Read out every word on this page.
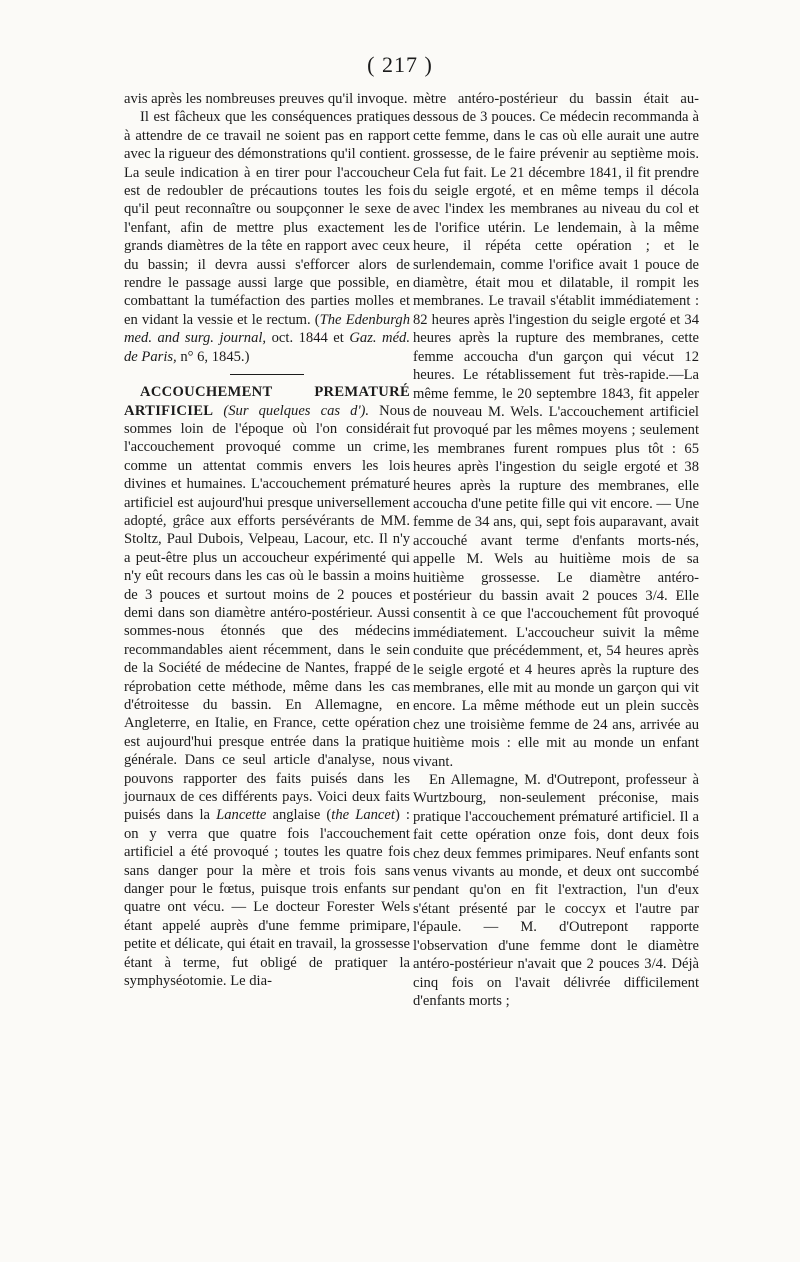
( 217 )

avis après les nombreuses preuves qu'il invoque.

Il est fâcheux que les conséquences pratiques à attendre de ce travail ne soient pas en rapport avec la rigueur des démonstrations qu'il contient. La seule indication à en tirer pour l'accoucheur est de redoubler de précautions toutes les fois qu'il peut reconnaître ou soupçonner le sexe de l'enfant, afin de mettre plus exactement les grands diamètres de la tête en rapport avec ceux du bassin; il devra aussi s'efforcer alors de rendre le passage aussi large que possible, en combattant la tuméfaction des parties molles et en vidant la vessie et le rectum. (The Edenburgh med. and surg. journal, oct. 1844 et Gaz. méd. de Paris, n° 6, 1845.)

ACCOUCHEMENT PREMATURÉ ARTIFICIEL (Sur quelques cas d'). Nous sommes loin de l'époque où l'on considérait l'accouchement provoqué comme un crime, comme un attentat commis envers les lois divines et humaines. L'accouchement prématuré artificiel est aujourd'hui presque universellement adopté, grâce aux efforts persévérants de MM. Stoltz, Paul Dubois, Velpeau, Lacour, etc. Il n'y a peut-être plus un accoucheur expérimenté qui n'y eût recours dans les cas où le bassin a moins de 3 pouces et surtout moins de 2 pouces et demi dans son diamètre antéro-postérieur. Aussi sommes-nous étonnés que des médecins recommandables aient récemment, dans le sein de la Société de médecine de Nantes, frappé de réprobation cette méthode, même dans les cas d'étroitesse du bassin. En Allemagne, en Angleterre, en Italie, en France, cette opération est aujourd'hui presque entrée dans la pratique générale. Dans ce seul article d'analyse, nous pouvons rapporter des faits puisés dans les journaux de ces différents pays. Voici deux faits puisés dans la Lancette anglaise (the Lancet) : on y verra que quatre fois l'accouchement artificiel a été provoqué ; toutes les quatre fois sans danger pour la mère et trois fois sans danger pour le fœtus, puisque trois enfants sur quatre ont vécu. — Le docteur Forester Wels étant appelé auprès d'une femme primipare, petite et délicate, qui était en travail, la grossesse étant à terme, fut obligé de pratiquer la symphyséotomie. Le dia-

mètre antéro-postérieur du bassin était au-dessous de 3 pouces. Ce médecin recommanda à cette femme, dans le cas où elle aurait une autre grossesse, de le faire prévenir au septième mois. Cela fut fait. Le 21 décembre 1841, il fit prendre du seigle ergoté, et en même temps il décola avec l'index les membranes au niveau du col et de l'orifice utérin. Le lendemain, à la même heure, il répéta cette opération ; et le surlendemain, comme l'orifice avait 1 pouce de diamètre, était mou et dilatable, il rompit les membranes. Le travail s'établit immédiatement : 82 heures après l'ingestion du seigle ergoté et 34 heures après la rupture des membranes, cette femme accoucha d'un garçon qui vécut 12 heures. Le rétablissement fut très-rapide.—La même femme, le 20 septembre 1843, fit appeler de nouveau M. Wels. L'accouchement artificiel fut provoqué par les mêmes moyens ; seulement les membranes furent rompues plus tôt : 65 heures après l'ingestion du seigle ergoté et 38 heures après la rupture des membranes, elle accoucha d'une petite fille qui vit encore. — Une femme de 34 ans, qui, sept fois auparavant, avait accouché avant terme d'enfants morts-nés, appelle M. Wels au huitième mois de sa huitième grossesse. Le diamètre antéro-postérieur du bassin avait 2 pouces 3/4. Elle consentit à ce que l'accouchement fût provoqué immédiatement. L'accoucheur suivit la même conduite que précédemment, et, 54 heures après le seigle ergoté et 4 heures après la rupture des membranes, elle mit au monde un garçon qui vit encore. La même méthode eut un plein succès chez une troisième femme de 24 ans, arrivée au huitième mois : elle mit au monde un enfant vivant.

En Allemagne, M. d'Outrepont, professeur à Wurtzbourg, non-seulement préconise, mais pratique l'accouchement prématuré artificiel. Il a fait cette opération onze fois, dont deux fois chez deux femmes primipares. Neuf enfants sont venus vivants au monde, et deux ont succombé pendant qu'on en fit l'extraction, l'un d'eux s'étant présenté par le coccyx et l'autre par l'épaule. — M. d'Outrepont rapporte l'observation d'une femme dont le diamètre antéro-postérieur n'avait que 2 pouces 3/4. Déjà cinq fois on l'avait délivrée difficilement d'enfants morts ;
